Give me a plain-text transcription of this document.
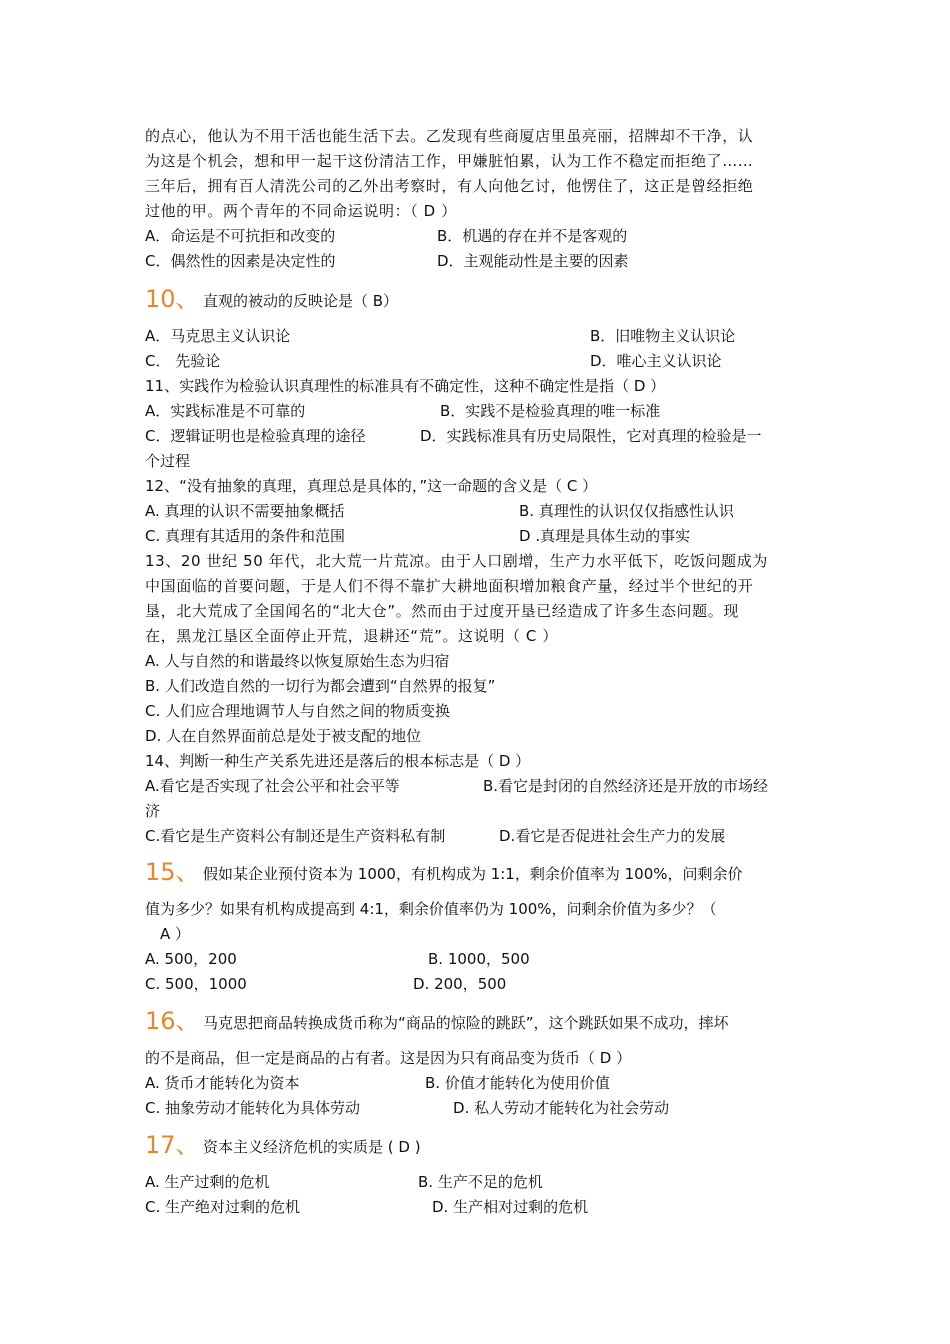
的点心，他认为不用干活也能生活下去。乙发现有些商厦店里虽亮丽，招牌却不干净，认
为这是个机会，想和甲一起干这份清洁工作，甲嫌脏怕累，认为工作不稳定而拒绝了……
三年后，拥有百人清洗公司的乙外出考察时，有人向他乞讨，他愣住了，这正是曾经拒绝
过他的甲。两个青年的不同命运说明：（ D ）
A．命运是不可抗拒和改变的	B．机遇的存在并不是客观的
C．偶然性的因素是决定性的	D．主观能动性是主要的因素
10、 直观的被动的反映论是（ B）
A．马克思主义认识论	B．旧唯物主义认识论
C． 先验论	D．唯心主义认识论
11、实践作为检验认识真理性的标准具有不确定性，这种不确定性是指（ D ）
A．实践标准是不可靠的	B．实践不是检验真理的唯一标准
C．逻辑证明也是检验真理的途径	D．实践标准具有历史局限性，它对真理的检验是一
个过程
12、“没有抽象的真理，真理总是具体的，”这一命题的含义是（ C ）
A. 真理的认识不需要抽象概括	B. 真理性的认识仅仅指感性认识
C. 真理有其适用的条件和范围	D .真理是具体生动的事实
13、20 世纪 50 年代，北大荒一片荒凉。由于人口剧增，生产力水平低下，吃饭问题成为
中国面临的首要问题，于是人们不得不靠扩大耕地面积增加粮食产量，经过半个世纪的开
垦，北大荒成了全国闻名的“北大仓”。然而由于过度开垦已经造成了许多生态问题。现
在，黑龙江垦区全面停止开荒，退耕还“荒”。这说明（ C ）
A. 人与自然的和谐最终以恢复原始生态为归宿
B. 人们改造自然的一切行为都会遭到“自然界的报复”
C. 人们应合理地调节人与自然之间的物质变换
D. 人在自然界面前总是处于被支配的地位
14、判断一种生产关系先进还是落后的根本标志是（ D ）
A.看它是否实现了社会公平和社会平等	B.看它是封闭的自然经济还是开放的市场经
济
C.看它是生产资料公有制还是生产资料私有制	D.看它是否促进社会生产力的发展
15、 假如某企业预付资本为 1000，有机构成为 1:1，剩余价值率为 100%，问剩余价
值为多少？如果有机构成提高到 4:1，剩余价值率仍为 100%，问剩余价值为多少？（
A ）
A. 500，200	B. 1000，500
C. 500，1000	D. 200，500
16、 马克思把商品转换成货币称为“商品的惊险的跳跃”，这个跳跃如果不成功，摔坏
的不是商品，但一定是商品的占有者。这是因为只有商品变为货币（ D ）
A. 货币才能转化为资本	B. 价值才能转化为使用价值
C. 抽象劳动才能转化为具体劳动	D. 私人劳动才能转化为社会劳动
17、 资本主义经济危机的实质是 ( D )
A. 生产过剩的危机	B. 生产不足的危机
C. 生产绝对过剩的危机	D. 生产相对过剩的危机
